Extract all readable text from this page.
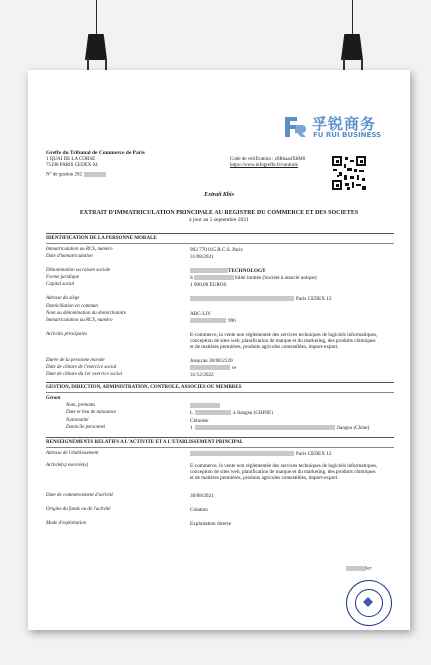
孚锐商务
FU RUI BUSINESS
Greffe du Tribunal de Commerce de Paris
1 QUAI DE LA CORSE
75198 PARIS CEDEX 04
N° de gestion 202
Code de vérification : z6Rhaa4XbM0
https://www.infogreffe.fr/controle
Extrait Kbis
EXTRAIT D'IMMATRICULATION PRINCIPALE AU REGISTRE DU COMMERCE ET DES SOCIETES
à jour au 5 septembre 2021
IDENTIFICATION DE LA PERSONNE MORALE
Immatriculation au RCS, numéro	902 770 015 R.C.S. Paris
Date d'immatriculation	31/08/2021
Dénomination ou raison sociale	TECHNOLOGY
Forme juridique	S	bilité limitée (Société à associé unique)
Capital social	1 000,00 EUROS
Adresse du siège	Paris CEDEX 12
Domiciliation en commun
Nom ou dénomination du domiciliataire	ABC-LIV
Immatriculation au RCS, numéro	996
Activités principales	E-commerce, la vente non réglementée des services techniques de logiciels informatiques, conception de sites web, planification de marque et du marketing, des produits chimiques et de matières premières, produits agricoles comestibles, import-export.
Durée de la personne morale	Jusqu'au 30/08/2120
Date de clôture de l'exercice social	re
Date de clôture du 1er exercice social	31/12/2022
GESTION, DIRECTION, ADMINISTRATION, CONTROLE, ASSOCIES OU MEMBRES
Gérant
Nom, prénoms
Date et lieu de naissance	L	à Jiangsu (CHINE)
Nationalité	Chinoise
Domicile personnel	1	Jiangsu (Chine)
RENSEIGNEMENTS RELATIFS A L'ACTIVITE ET A L'ETABLISSEMENT PRINCIPAL
Adresse de l'établissement	Paris CEDEX 12
Activité(s) exercée(s)	E-commerce, la vente non réglementée des services techniques de logiciels informatiques, conception de sites web, planification de marque et du marketing, des produits chimiques et de matières premières, produits agricoles comestibles, import-export.
Date de commencement d'activité	30/08/2021
Origine du fonds ou de l'activité	Création
Mode d'exploitation	Exploitation directe
ier
